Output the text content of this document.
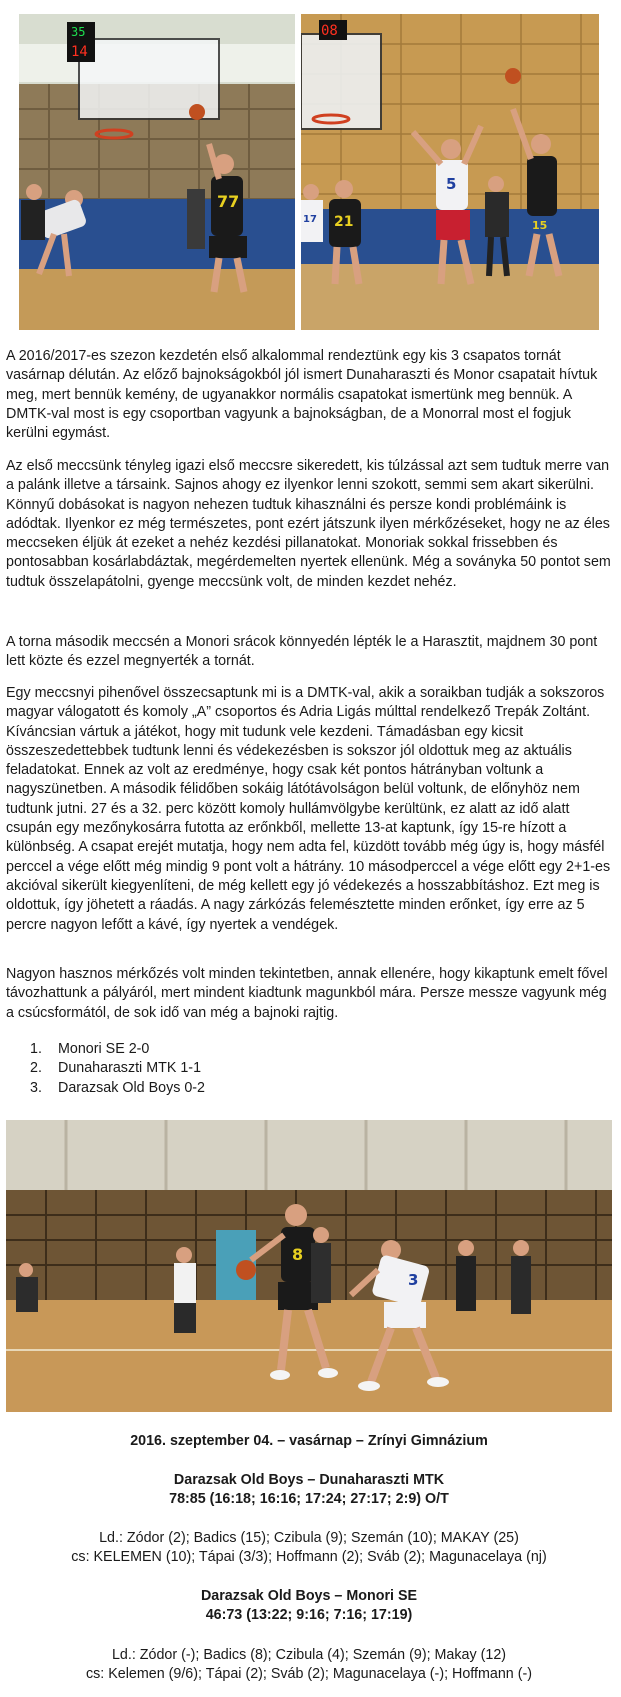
35
14
77
08
5
15
21
17

A 2016/2017-es szezon kezdetén első alkalommal rendeztünk egy kis 3 csapatos tornát vasárnap délután. Az előző bajnokságokból jól ismert Dunaharaszti és Monor csapatait hívtuk meg, mert bennük kemény, de ugyanakkor normális csapatokat ismertünk meg bennük. A DMTK-val most is egy csoportban vagyunk a bajnokságban, de a Monorral most el fogjuk kerülni egymást.

Az első meccsünk tényleg igazi első meccsre sikeredett, kis túlzással azt sem tudtuk merre van a palánk illetve a társaink. Sajnos ahogy ez ilyenkor lenni szokott, semmi sem akart sikerülni. Könnyű dobásokat is nagyon nehezen tudtuk kihasználni és persze kondi problémáink is adódtak. Ilyenkor ez még természetes, pont ezért játszunk ilyen mérkőzéseket, hogy ne az éles meccseken éljük át ezeket a nehéz kezdési pillanatokat. Monoriak sokkal frissebben és pontosabban kosárlabdáztak, megérdemelten nyertek ellenünk. Még a soványka 50 pontot sem tudtuk összelapátolni, gyenge meccsünk volt, de minden kezdet nehéz.

A torna második meccsén a Monori srácok könnyedén lépték le a Harasztit, majdnem 30 pont lett közte és ezzel megnyerték a tornát.

Egy meccsnyi pihenővel összecsaptunk mi is a DMTK-val, akik a soraikban tudják a sokszoros magyar válogatott és komoly „A” csoportos és Adria Ligás múlttal rendelkező Trepák Zoltánt. Kíváncsian vártuk a játékot, hogy mit tudunk vele kezdeni. Támadásban egy kicsit összeszedettebbek tudtunk lenni és védekezésben is sokszor jól oldottuk meg az aktuális feladatokat. Ennek az volt az eredménye, hogy csak két pontos hátrányban voltunk a nagyszünetben. A második félidőben sokáig látótávolságon belül voltunk, de előnyhöz nem tudtunk jutni. 27 és a 32. perc között komoly hullámvölgybe kerültünk, ez alatt az idő alatt csupán egy mezőnykosárra futotta az erőnkből, mellette 13-at kaptunk, így 15-re hízott a különbség. A csapat erejét mutatja, hogy nem adta fel, küzdött tovább még úgy is, hogy másfél perccel a vége előtt még mindig 9 pont volt a hátrány. 10 másodperccel a vége előtt egy 2+1-es akcióval sikerült kiegyenlíteni, de még kellett egy jó védekezés a hosszabbításhoz. Ezt meg is oldottuk, így jöhetett a ráadás. A nagy zárkózás felemésztette minden erőnket, így erre az 5 percre nagyon lefőtt a kávé, így nyertek a vendégek.

Nagyon hasznos mérkőzés volt minden tekintetben, annak ellenére, hogy kikaptunk emelt fővel távozhattunk a pályáról, mert mindent kiadtunk magunkból mára. Persze messze vagyunk még a csúcsformától, de sok idő van még a bajnoki rajtig.

1. Monori SE 2-0
2. Dunaharaszti MTK 1-1
3. Darazsak Old Boys 0-2
8
3

2016. szeptember 04. – vasárnap – Zrínyi Gimnázium

Darazsak Old Boys – Dunaharaszti MTK

78:85 (16:18; 16:16; 17:24; 27:17; 2:9) O/T

Ld.: Zódor (2); Badics (15); Czibula (9); Szemán (10); MAKAY (25)

cs: KELEMEN (10); Tápai (3/3); Hoffmann (2); Sváb (2); Magunacelaya (nj)

Darazsak Old Boys – Monori SE

46:73 (13:22; 9:16; 7:16; 17:19)

Ld.: Zódor (-); Badics (8); Czibula (4); Szemán (9); Makay (12)

cs: Kelemen (9/6); Tápai (2); Sváb (2); Magunacelaya (-); Hoffmann (-)
